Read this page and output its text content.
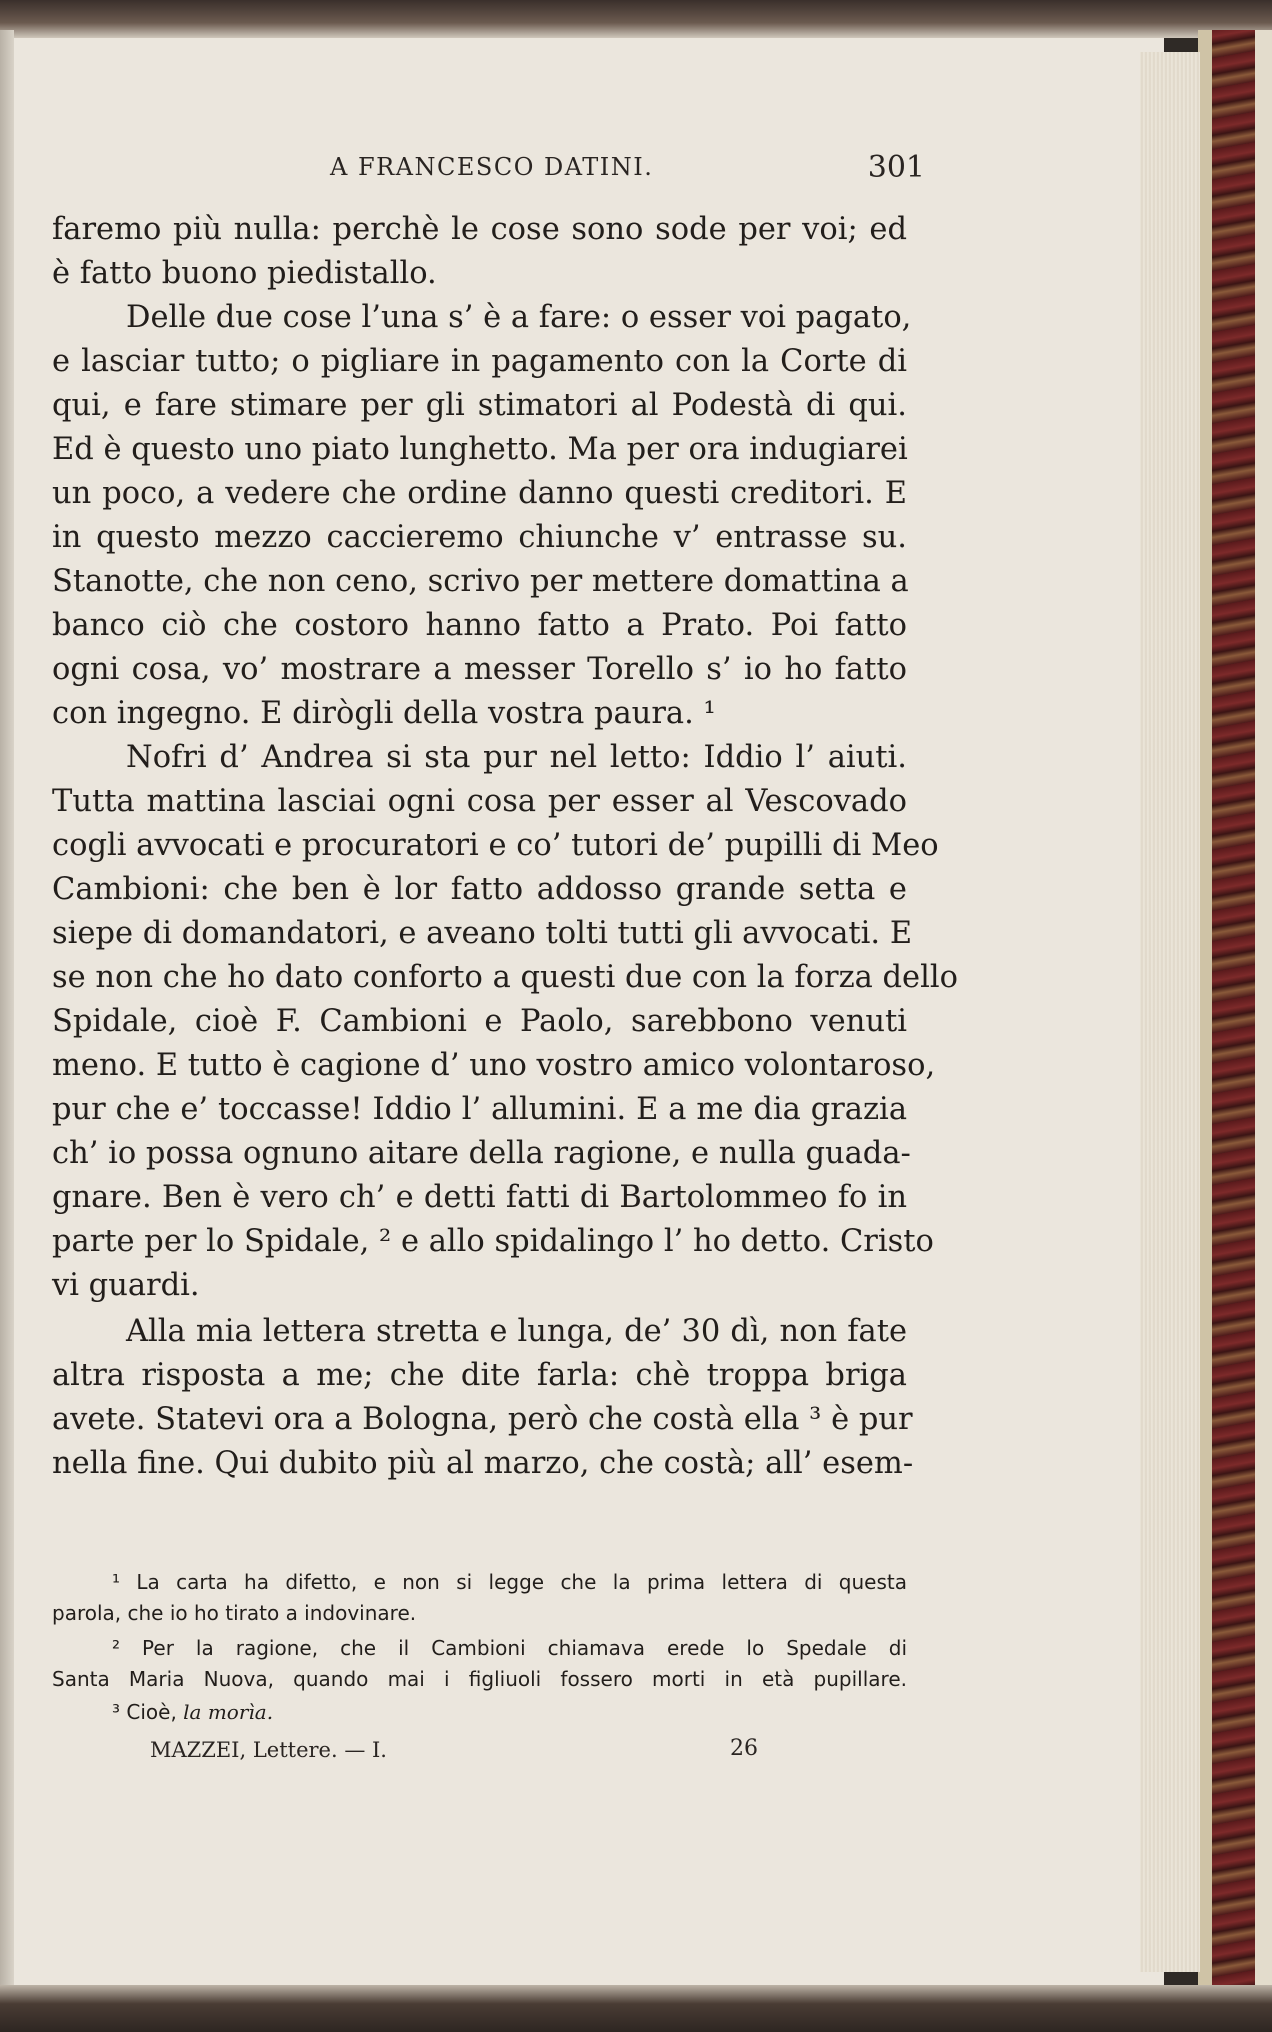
A FRANCESCO DATINI.	301
faremo più nulla: perchè le cose sono sode per voi; ed
è fatto buono piedistallo.
Delle due cose l’una s’ è a fare: o esser voi pagato,
e lasciar tutto; o pigliare in pagamento con la Corte di
qui, e fare stimare per gli stimatori al Podestà di qui.
Ed è questo uno piato lunghetto. Ma per ora indugiarei
un poco, a vedere che ordine danno questi creditori. E
in questo mezzo caccieremo chiunche v’ entrasse su.
Stanotte, che non ceno, scrivo per mettere domattina a
banco ciò che costoro hanno fatto a Prato. Poi fatto
ogni cosa, vo’ mostrare a messer Torello s’ io ho fatto
con ingegno. E dirògli della vostra paura. ¹
Nofri d’ Andrea si sta pur nel letto: Iddio l’ aiuti.
Tutta mattina lasciai ogni cosa per esser al Vescovado
cogli avvocati e procuratori e co’ tutori de’ pupilli di Meo
Cambioni: che ben è lor fatto addosso grande setta e
siepe di domandatori, e aveano tolti tutti gli avvocati. E
se non che ho dato conforto a questi due con la forza dello
Spidale, cioè F. Cambioni e Paolo, sarebbono venuti
meno. E tutto è cagione d’ uno vostro amico volontaroso,
pur che e’ toccasse! Iddio l’ allumini. E a me dia grazia
ch’ io possa ognuno aitare della ragione, e nulla guada-
gnare. Ben è vero ch’ e detti fatti di Bartolommeo fo in
parte per lo Spidale, ² e allo spidalingo l’ ho detto. Cristo
vi guardi.
Alla mia lettera stretta e lunga, de’ 30 dì, non fate
altra risposta a me; che dite farla: chè troppa briga
avete. Statevi ora a Bologna, però che costà ella ³ è pur
nella fine. Qui dubito più al marzo, che costà; all’ esem-
¹ La carta ha difetto, e non si legge che la prima lettera di questa
parola, che io ho tirato a indovinare.
² Per la ragione, che il Cambioni chiamava erede lo Spedale di
Santa Maria Nuova, quando mai i figliuoli fossero morti in età pupillare.
³ Cioè, la morìa.
MAZZEI, Lettere. — I.	26
